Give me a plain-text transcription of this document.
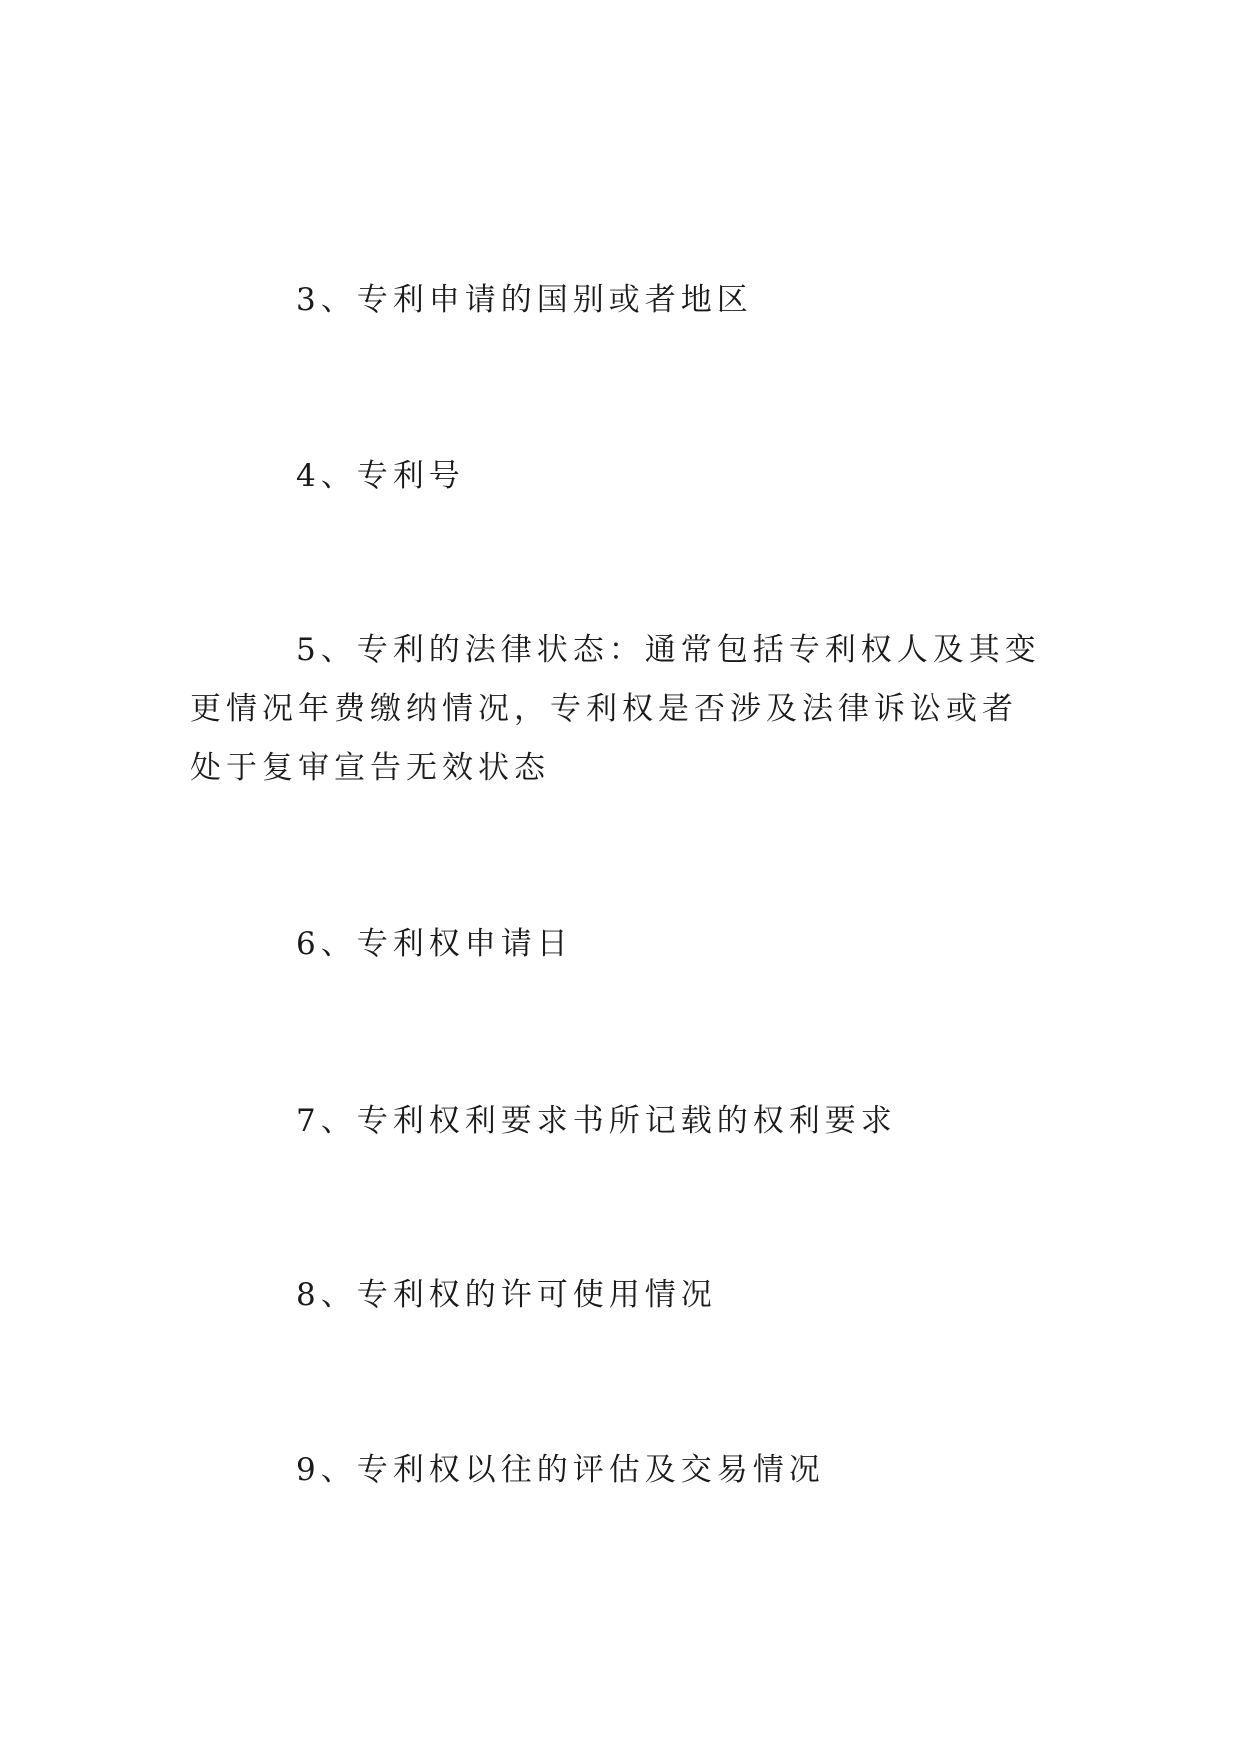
3、专利申请的国别或者地区

4、专利号

5、专利的法律状态：通常包括专利权人及其变更情况年费缴纳情况，专利权是否涉及法律诉讼或者处于复审宣告无效状态

6、专利权申请日

7、专利权利要求书所记载的权利要求

8、专利权的许可使用情况

9、专利权以往的评估及交易情况
